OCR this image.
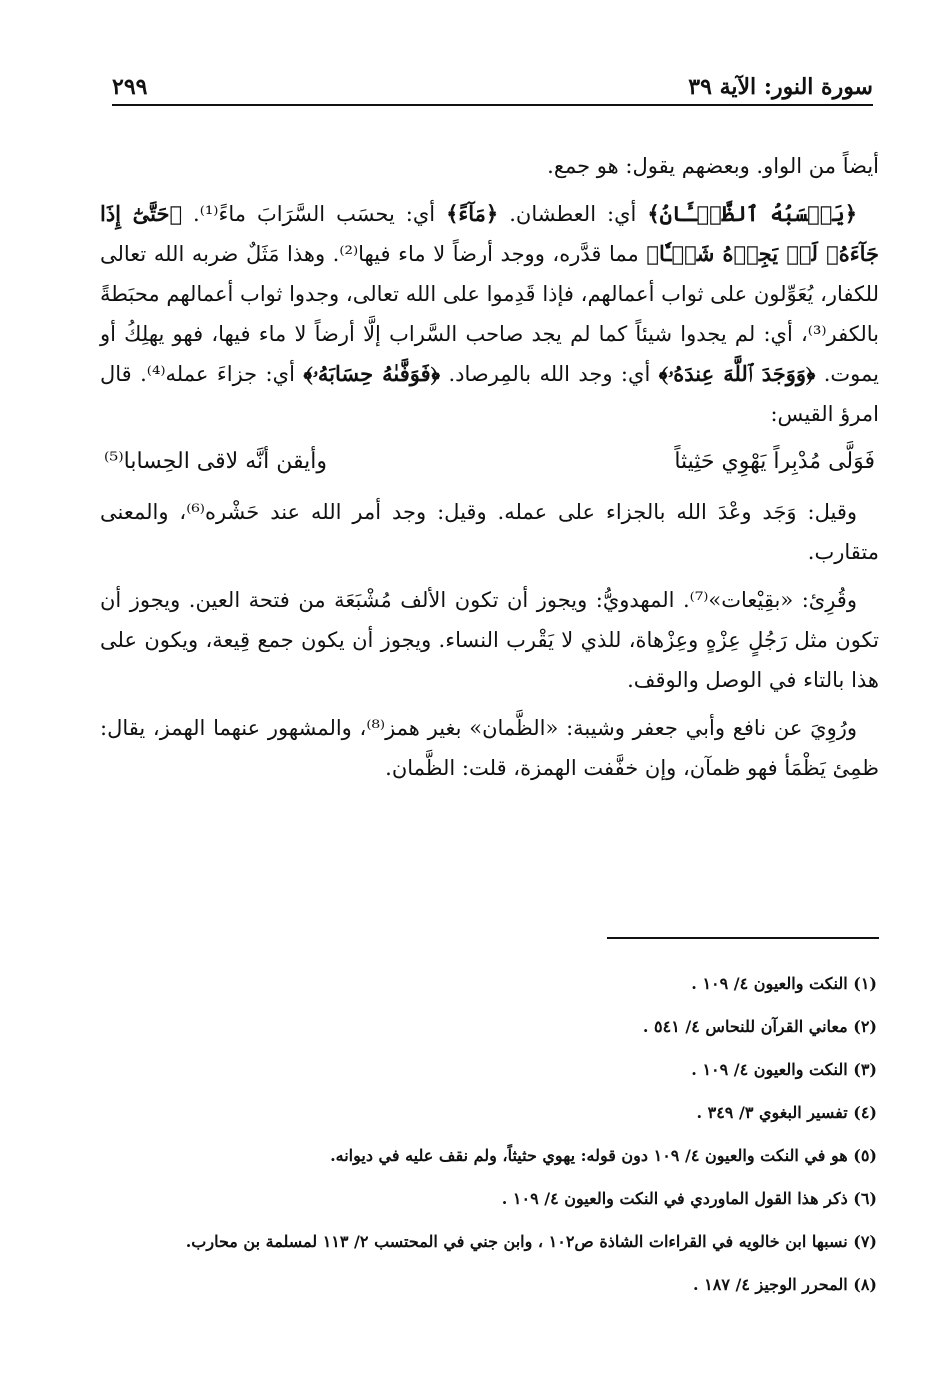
سورة النور: الآية ٣٩
٢٩٩

أيضاً من الواو. وبعضهم يقول: هو جمع.

﴿يَحۡسَبُهُ ٱلظَّمۡـَٔانُ﴾ أي: العطشان. ﴿مَآءً﴾ أي: يحسَب السَّرَابَ ماءً⁽¹⁾. ﴿حَتَّىٰٓ إِذَا جَآءَهُۥ لَمۡ يَجِدۡهُ شَيۡـٔٗا﴾ مما قدَّره، ووجد أرضاً لا ماء فيها⁽²⁾. وهذا مَثَلٌ ضربه الله تعالى للكفار، يُعَوِّلون على ثواب أعمالهم، فإذا قَدِموا على الله تعالى، وجدوا ثواب أعمالهم محبَطةً بالكفر⁽³⁾، أي: لم يجدوا شيئاً كما لم يجد صاحب السَّراب إلَّا أرضاً لا ماء فيها، فهو يهلِكُ أو يموت. ﴿وَوَجَدَ ٱللَّهَ عِندَهُۥ﴾ أي: وجد الله بالمِرصاد. ﴿فَوَفَّىٰهُ حِسَابَهُۥ﴾ أي: جزاءَ عمله⁽⁴⁾. قال امرؤ القيس:

فَوَلَّى مُدْبِراً يَهْوِي حَثِيثاً
وأيقن أنَّه لاقى الحِسابا⁽⁵⁾

وقيل: وَجَد وعْدَ الله بالجزاء على عمله. وقيل: وجد أمر الله عند حَشْره⁽⁶⁾، والمعنى متقارب.

وقُرِئ: «بقِيْعات»⁽⁷⁾. المهدويُّ: ويجوز أن تكون الألف مُشْبَعَة من فتحة العين. ويجوز أن تكون مثل رَجُلٍ عِزْهٍ وعِزْهاة، للذي لا يَقْرب النساء. ويجوز أن يكون جمع قِيعة، ويكون على هذا بالتاء في الوصل والوقف.

ورُوِيَ عن نافع وأبي جعفر وشيبة: «الظَّمان» بغير همز⁽⁸⁾، والمشهور عنهما الهمز، يقال: ظمِئ يَظْمَأ فهو ظمآن، وإن خفَّفت الهمزة، قلت: الظَّمان.

(١) النكت والعيون ٤/ ١٠٩ .
(٢) معاني القرآن للنحاس ٤/ ٥٤١ .
(٣) النكت والعيون ٤/ ١٠٩ .
(٤) تفسير البغوي ٣/ ٣٤٩ .
(٥) هو في النكت والعيون ٤/ ١٠٩ دون قوله: يهوي حثيثاً، ولم نقف عليه في ديوانه.
(٦) ذكر هذا القول الماوردي في النكت والعيون ٤/ ١٠٩ .
(٧) نسبها ابن خالويه في القراءات الشاذة ص١٠٢ ، وابن جني في المحتسب ٢/ ١١٣ لمسلمة بن محارب.
(٨) المحرر الوجيز ٤/ ١٨٧ .
